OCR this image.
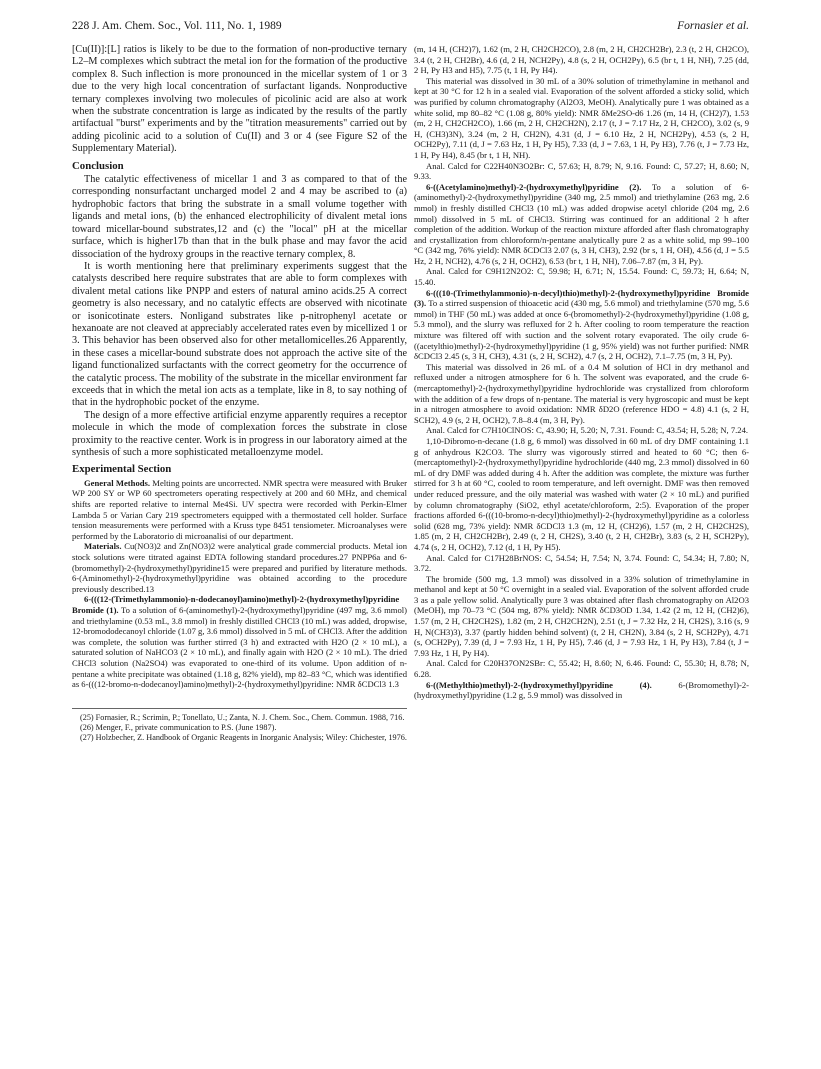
228 J. Am. Chem. Soc., Vol. 111, No. 1, 1989	Fornasier et al.

[Cu(II)]:[L] ratios is likely to be due to the formation of non-productive ternary L2–M complexes which subtract the metal ion for the formation of the productive complex 8. Such inflection is more pronounced in the micellar system of 1 or 3 due to the very high local concentration of surfactant ligands. Nonproductive ternary complexes involving two molecules of picolinic acid are also at work when the substrate concentration is large as indicated by the results of the partly artifactual "burst" experiments and by the "titration measurements" carried out by adding picolinic acid to a solution of Cu(II) and 3 or 4 (see Figure S2 of the Supplementary Material).

Conclusion

The catalytic effectiveness of micellar 1 and 3 as compared to that of the corresponding nonsurfactant uncharged model 2 and 4 may be ascribed to (a) hydrophobic factors that bring the substrate in a small volume together with ligands and metal ions, (b) the enhanced electrophilicity of divalent metal ions toward micellar-bound substrates,12 and (c) the "local" pH at the micellar surface, which is higher17b than that in the bulk phase and may favor the acid dissociation of the hydroxy groups in the reactive ternary complex, 8.

It is worth mentioning here that preliminary experiments suggest that the catalysts described here require substrates that are able to form complexes with divalent metal cations like PNPP and esters of natural amino acids.25 A correct geometry is also necessary, and no catalytic effects are observed with nicotinate or isonicotinate esters. Nonligand substrates like p-nitrophenyl acetate or hexanoate are not cleaved at appreciably accelerated rates even by micellized 1 or 3. This behavior has been observed also for other metallomicelles.26 Apparently, in these cases a micellar-bound substrate does not approach the active site of the ligand functionalized surfactants with the correct geometry for the occurrence of the catalytic process. The mobility of the substrate in the micellar environment far exceeds that in which the metal ion acts as a template, like in 8, to say nothing of that in the hydrophobic pocket of the enzyme.

The design of a more effective artificial enzyme apparently requires a receptor molecule in which the mode of complexation forces the substrate in close proximity to the reactive center. Work is in progress in our laboratory aimed at the synthesis of such a more sophisticated metalloenzyme model.

Experimental Section

General Methods. Melting points are uncorrected. NMR spectra were measured with Bruker WP 200 SY or WP 60 spectrometers operating respectively at 200 and 60 MHz, and chemical shifts are reported relative to internal Me4Si. UV spectra were recorded with Perkin-Elmer Lambda 5 or Varian Cary 219 spectrometers equipped with a thermostated cell holder. Surface tension measurements were performed with a Kruss type 8451 tensiometer. Microanalyses were performed by the Laboratorio di microanalisi of our department.

Materials. Cu(NO3)2 and Zn(NO3)2 were analytical grade commercial products. Metal ion stock solutions were titrated against EDTA following standard procedures.27 PNPP6a and 6-(bromomethyl)-2-(hydroxymethyl)pyridine15 were prepared and purified by literature methods. 6-(Aminomethyl)-2-(hydroxymethyl)pyridine was obtained according to the procedure previously described.13

6-(((12-(Trimethylammonio)-n-dodecanoyl)amino)methyl)-2-(hydroxymethyl)pyridine Bromide (1). To a solution of 6-(aminomethyl)-2-(hydroxymethyl)pyridine (497 mg, 3.6 mmol) and triethylamine (0.53 mL, 3.8 mmol) in freshly distilled CHCl3 (10 mL) was added, dropwise, 12-bromododecanoyl chloride (1.07 g, 3.6 mmol) dissolved in 5 mL of CHCl3. After the addition was complete, the solution was further stirred (3 h) and extracted with H2O (2 × 10 mL), a saturated solution of NaHCO3 (2 × 10 mL), and finally again with H2O (2 × 10 mL). The dried CHCl3 solution (Na2SO4) was evaporated to one-third of its volume. Upon addition of n-pentane a white precipitate was obtained (1.18 g, 82% yield), mp 82–83 °C, which was identified as 6-(((12-bromo-n-dodecanoyl)amino)methyl)-2-(hydroxymethyl)pyridine: NMR δCDCl3 1.3

(25) Fornasier, R.; Scrimin, P.; Tonellato, U.; Zanta, N. J. Chem. Soc., Chem. Commun. 1988, 716.

(26) Menger, F., private communication to P.S. (June 1987).

(27) Holzbecher, Z. Handbook of Organic Reagents in Inorganic Analysis; Wiley: Chichester, 1976.

(m, 14 H, (CH2)7), 1.62 (m, 2 H, CH2CH2CO), 2.8 (m, 2 H, CH2CH2Br), 2.3 (t, 2 H, CH2CO), 3.4 (t, 2 H, CH2Br), 4.6 (d, 2 H, NCH2Py), 4.8 (s, 2 H, OCH2Py), 6.5 (br t, 1 H, NH), 7.25 (dd, 2 H, Py H3 and H5), 7.75 (t, 1 H, Py H4).

This material was dissolved in 30 mL of a 30% solution of trimethylamine in methanol and kept at 30 °C for 12 h in a sealed vial. Evaporation of the solvent afforded a sticky solid, which was purified by column chromatography (Al2O3, MeOH). Analytically pure 1 was obtained as a white solid, mp 80–82 °C (1.08 g, 80% yield): NMR δMe2SO-d6 1.26 (m, 14 H, (CH2)7), 1.53 (m, 2 H, CH2CH2CO), 1.66 (m, 2 H, CH2CH2N), 2.17 (t, J = 7.17 Hz, 2 H, CH2CO), 3.02 (s, 9 H, (CH3)3N), 3.24 (m, 2 H, CH2N), 4.31 (d, J = 6.10 Hz, 2 H, NCH2Py), 4.53 (s, 2 H, OCH2Py), 7.11 (d, J = 7.63 Hz, 1 H, Py H5), 7.33 (d, J = 7.63, 1 H, Py H3), 7.76 (t, J = 7.73 Hz, 1 H, Py H4), 8.45 (br t, 1 H, NH).

Anal. Calcd for C22H40N3O2Br: C, 57.63; H, 8.79; N, 9.16. Found: C, 57.27; H, 8.60; N, 9.33.

6-((Acetylamino)methyl)-2-(hydroxymethyl)pyridine (2). To a solution of 6-(aminomethyl)-2-(hydroxymethyl)pyridine (340 mg, 2.5 mmol) and triethylamine (263 mg, 2.6 mmol) in freshly distilled CHCl3 (10 mL) was added dropwise acetyl chloride (204 mg, 2.6 mmol) dissolved in 5 mL of CHCl3. Stirring was continued for an additional 2 h after completion of the addition. Workup of the reaction mixture afforded after flash chromatography and crystallization from chloroform/n-pentane analytically pure 2 as a white solid, mp 99–100 °C (342 mg, 76% yield): NMR δCDCl3 2.07 (s, 3 H, CH3), 2.92 (br s, 1 H, OH), 4.56 (d, J = 5.5 Hz, 2 H, NCH2), 4.76 (s, 2 H, OCH2), 6.53 (br t, 1 H, NH), 7.06–7.87 (m, 3 H, Py).

Anal. Calcd for C9H12N2O2: C, 59.98; H, 6.71; N, 15.54. Found: C, 59.73; H, 6.64; N, 15.40.

6-(((10-(Trimethylammonio)-n-decyl)thio)methyl)-2-(hydroxymethyl)pyridine Bromide (3). To a stirred suspension of thioacetic acid (430 mg, 5.6 mmol) and triethylamine (570 mg, 5.6 mmol) in THF (50 mL) was added at once 6-(bromomethyl)-2-(hydroxymethyl)pyridine (1.08 g, 5.3 mmol), and the slurry was refluxed for 2 h. After cooling to room temperature the reaction mixture was filtered off with suction and the solvent rotary evaporated. The oily crude 6-((acetylthio)methyl)-2-(hydroxymethyl)pyridine (1 g, 95% yield) was not further purified: NMR δCDCl3 2.45 (s, 3 H, CH3), 4.31 (s, 2 H, SCH2), 4.7 (s, 2 H, OCH2), 7.1–7.75 (m, 3 H, Py).

This material was dissolved in 26 mL of a 0.4 M solution of HCl in dry methanol and refluxed under a nitrogen atmosphere for 6 h. The solvent was evaporated, and the crude 6-(mercaptomethyl)-2-(hydroxymethyl)pyridine hydrochloride was crystallized from chloroform with the addition of a few drops of n-pentane. The material is very hygroscopic and must be kept in a nitrogen atmosphere to avoid oxidation: NMR δD2O (reference HDO = 4.8) 4.1 (s, 2 H, SCH2), 4.9 (s, 2 H, OCH2), 7.8–8.4 (m, 3 H, Py).

Anal. Calcd for C7H10ClNOS: C, 43.90; H, 5.20; N, 7.31. Found: C, 43.54; H, 5.28; N, 7.24.

1,10-Dibromo-n-decane (1.8 g, 6 mmol) was dissolved in 60 mL of dry DMF containing 1.1 g of anhydrous K2CO3. The slurry was vigorously stirred and heated to 60 °C; then 6-(mercaptomethyl)-2-(hydroxymethyl)pyridine hydrochloride (440 mg, 2.3 mmol) dissolved in 60 mL of dry DMF was added during 4 h. After the addition was complete, the mixture was further stirred for 3 h at 60 °C, cooled to room temperature, and left overnight. DMF was then removed under reduced pressure, and the oily material was washed with water (2 × 10 mL) and purified by column chromatography (SiO2, ethyl acetate/chloroform, 2:5). Evaporation of the proper fractions afforded 6-(((10-bromo-n-decyl)thio)methyl)-2-(hydroxymethyl)pyridine as a colorless solid (628 mg, 73% yield): NMR δCDCl3 1.3 (m, 12 H, (CH2)6), 1.57 (m, 2 H, CH2CH2S), 1.85 (m, 2 H, CH2CH2Br), 2.49 (t, 2 H, CH2S), 3.40 (t, 2 H, CH2Br), 3.83 (s, 2 H, SCH2Py), 4.74 (s, 2 H, OCH2), 7.12 (d, 1 H, Py H5).

Anal. Calcd for C17H28BrNOS: C, 54.54; H, 7.54; N, 3.74. Found: C, 54.34; H, 7.80; N, 3.72.

The bromide (500 mg, 1.3 mmol) was dissolved in a 33% solution of trimethylamine in methanol and kept at 50 °C overnight in a sealed vial. Evaporation of the solvent afforded crude 3 as a pale yellow solid. Analytically pure 3 was obtained after flash chromatography on Al2O3 (MeOH), mp 70–73 °C (504 mg, 87% yield): NMR δCD3OD 1.34, 1.42 (2 m, 12 H, (CH2)6), 1.57 (m, 2 H, CH2CH2S), 1.82 (m, 2 H, CH2CH2N), 2.51 (t, J = 7.32 Hz, 2 H, CH2S), 3.16 (s, 9 H, N(CH3)3), 3.37 (partly hidden behind solvent) (t, 2 H, CH2N), 3.84 (s, 2 H, SCH2Py), 4.71 (s, OCH2Py), 7.39 (d, J = 7.93 Hz, 1 H, Py H5), 7.46 (d, J = 7.93 Hz, 1 H, Py H3), 7.84 (t, J = 7.93 Hz, 1 H, Py H4).

Anal. Calcd for C20H37ON2SBr: C, 55.42; H, 8.60; N, 6.46. Found: C, 55.30; H, 8.78; N, 6.28.

6-((Methylthio)methyl)-2-(hydroxymethyl)pyridine (4). 6-(Bromomethyl)-2-(hydroxymethyl)pyridine (1.2 g, 5.9 mmol) was dissolved in
